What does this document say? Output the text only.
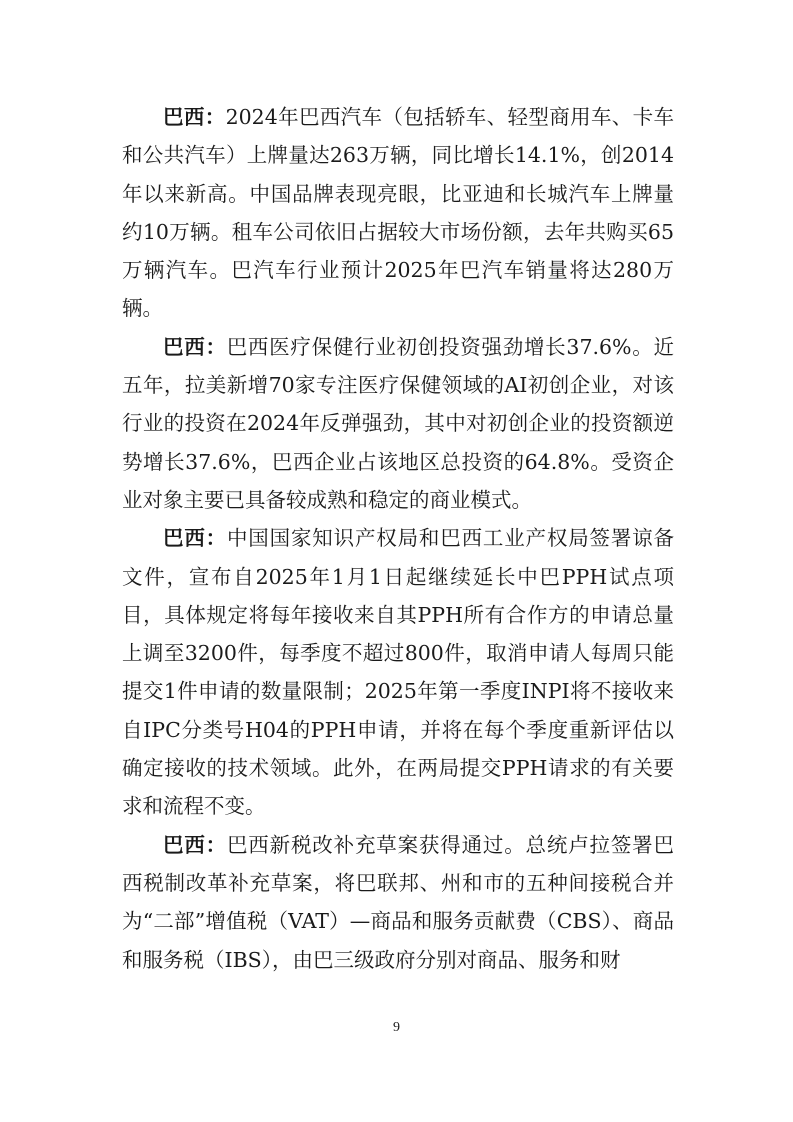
巴西：2024年巴西汽车（包括轿车、轻型商用车、卡车和公共汽车）上牌量达263万辆，同比增长14.1%，创2014年以来新高。中国品牌表现亮眼，比亚迪和长城汽车上牌量约10万辆。租车公司依旧占据较大市场份额，去年共购买65万辆汽车。巴汽车行业预计2025年巴汽车销量将达280万辆。

巴西：巴西医疗保健行业初创投资强劲增长37.6%。近五年，拉美新增70家专注医疗保健领域的AI初创企业，对该行业的投资在2024年反弹强劲，其中对初创企业的投资额逆势增长37.6%，巴西企业占该地区总投资的64.8%。受资企业对象主要已具备较成熟和稳定的商业模式。

巴西：中国国家知识产权局和巴西工业产权局签署谅备文件，宣布自2025年1月1日起继续延长中巴PPH试点项目，具体规定将每年接收来自其PPH所有合作方的申请总量上调至3200件，每季度不超过800件，取消申请人每周只能提交1件申请的数量限制；2025年第一季度INPI将不接收来自IPC分类号H04的PPH申请，并将在每个季度重新评估以确定接收的技术领域。此外，在两局提交PPH请求的有关要求和流程不变。

巴西：巴西新税改补充草案获得通过。总统卢拉签署巴西税制改革补充草案，将巴联邦、州和市的五种间接税合并为“二部”增值税（VAT）—商品和服务贡献费（CBS）、商品和服务税（IBS），由巴三级政府分别对商品、服务和财

9
